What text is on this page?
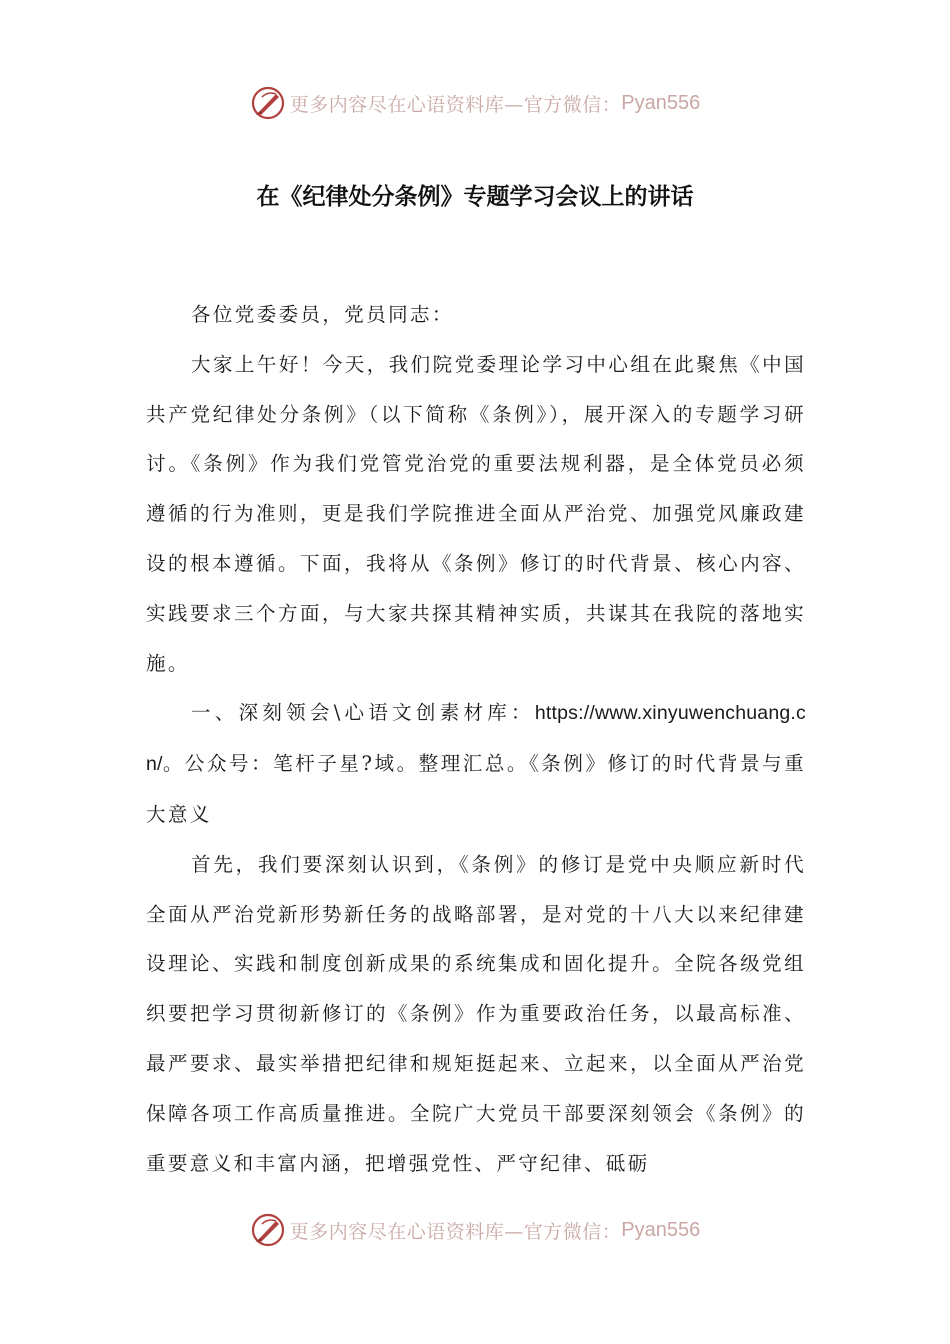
更多内容尽在心语资料库—官方微信： Pyan556
在《纪律处分条例》专题学习会议上的讲话

各位党委委员，党员同志：

大家上午好！今天，我们院党委理论学习中心组在此聚焦《中国共产党纪律处分条例》（以下简称《条例》），展开深入的专题学习研讨。《条例》作为我们党管党治党的重要法规利器，是全体党员必须遵循的行为准则，更是我们学院推进全面从严治党、加强党风廉政建设的根本遵循。下面，我将从《条例》修订的时代背景、核心内容、实践要求三个方面，与大家共探其精神实质，共谋其在我院的落地实施。

一、深刻领会\心语文创素材库：https://www.xinyuwenchuang.cn/。公众号：笔杆子星?域。整理汇总。《条例》修订的时代背景与重大意义

首先，我们要深刻认识到，《条例》的修订是党中央顺应新时代全面从严治党新形势新任务的战略部署，是对党的十八大以来纪律建设理论、实践和制度创新成果的系统集成和固化提升。全院各级党组织要把学习贯彻新修订的《条例》作为重要政治任务，以最高标准、最严要求、最实举措把纪律和规矩挺起来、立起来，以全面从严治党保障各项工作高质量推进。全院广大党员干部要深刻领会《条例》的重要意义和丰富内涵，把增强党性、严守纪律、砥砺

更多内容尽在心语资料库—官方微信： Pyan556
